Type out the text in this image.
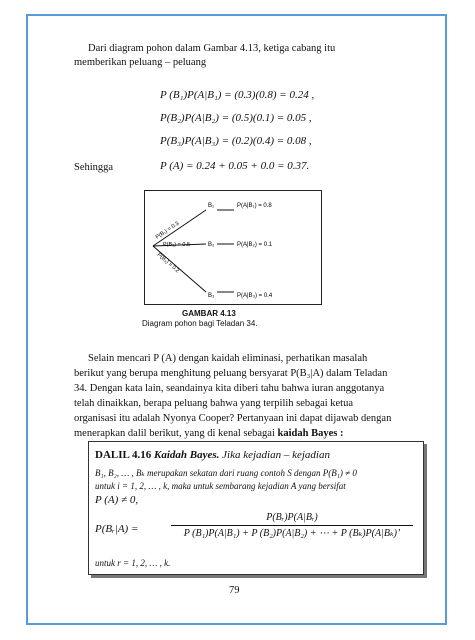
Dari diagram pohon dalam Gambar 4.13, ketiga cabang itu
memberikan peluang – peluang
P (B₁)P(A|B₁) = (0.3)(0.8) = 0.24 ,
P(B₂)P(A|B₂) = (0.5)(0.1) = 0.05 ,
P(B₃)P(A|B₃) = (0.2)(0.4) = 0.08 ,
Sehingga	P (A) = 0.24 + 0.05 + 0.0 = 0.37.
B₁
B₂
B₃
P(A|B₁) = 0.8
P(A|B₂) = 0.1
P(A|B₃) = 0.4
P(B₁) = 0.3
P(B₂) = 0.5
P(B₃) = 0.2
GAMBAR 4.13
Diagram pohon bagi Teladan 34.
Selain mencari P (A) dengan kaidah eliminasi, perhatikan masalah
berikut yang berupa menghitung peluang bersyarat P(B₃|A) dalam Teladan
34. Dengan kata lain, seandainya kita diberi tahu bahwa iuran anggotanya
telah dinaikkan, berapa peluang bahwa yang terpilih sebagai ketua
organisasi itu adalah Nyonya Cooper? Pertanyaan ini dapat dijawab dengan
menerapkan dalil berikut, yang di kenal sebagai kaidah Bayes :
DALIL 4.16 Kaidah Bayes. Jika kejadian – kejadian
B₁, B₂, … , Bₖ merupakan sekatan dari ruang contoh S dengan P(B₁) ≠ 0
untuk i = 1, 2, … , k, maka untuk sembarang kejadian A yang bersifat
P (A) ≠ 0,
P(Bᵣ|A) =
P(Bᵣ)P(A|Bᵣ)
P (B₁)P(A|B₁) + P (B₂)P(A|B₂) + ⋯ + P (Bₖ)P(A|Bₖ)’
untuk r = 1, 2, … , k.
79
